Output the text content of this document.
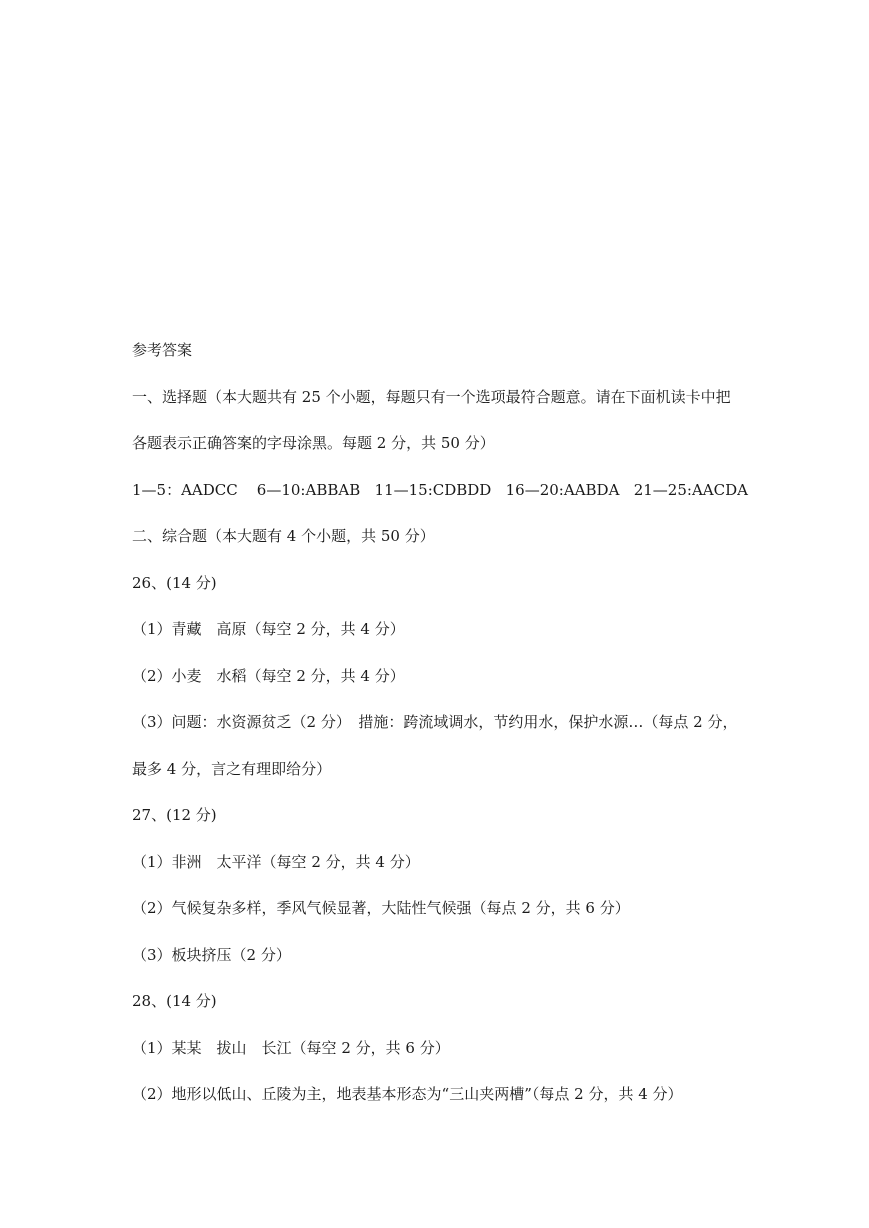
参考答案
一、选择题（本大题共有 25 个小题，每题只有一个选项最符合题意。请在下面机读卡中把
各题表示正确答案的字母涂黑。每题 2 分，共 50 分）
1—5：AADCC    6—10:ABBAB   11—15:CDBDD   16—20:AABDA   21—25:AACDA
二、综合题（本大题有 4 个小题，共 50 分）
26、(14 分)
（1）青藏　高原（每空 2 分，共 4 分）
（2）小麦　水稻（每空 2 分，共 4 分）
（3）问题：水资源贫乏（2 分）　措施：跨流域调水，节约用水，保护水源…（每点 2 分，
最多 4 分，言之有理即给分）
27、(12 分)
（1）非洲　太平洋（每空 2 分，共 4 分）
（2）气候复杂多样，季风气候显著，大陆性气候强（每点 2 分，共 6 分）
（3）板块挤压（2 分）
28、(14 分)
（1）某某　拔山　长江（每空 2 分，共 6 分）
（2）地形以低山、丘陵为主，地表基本形态为“三山夹两槽”（每点 2 分，共 4 分）
